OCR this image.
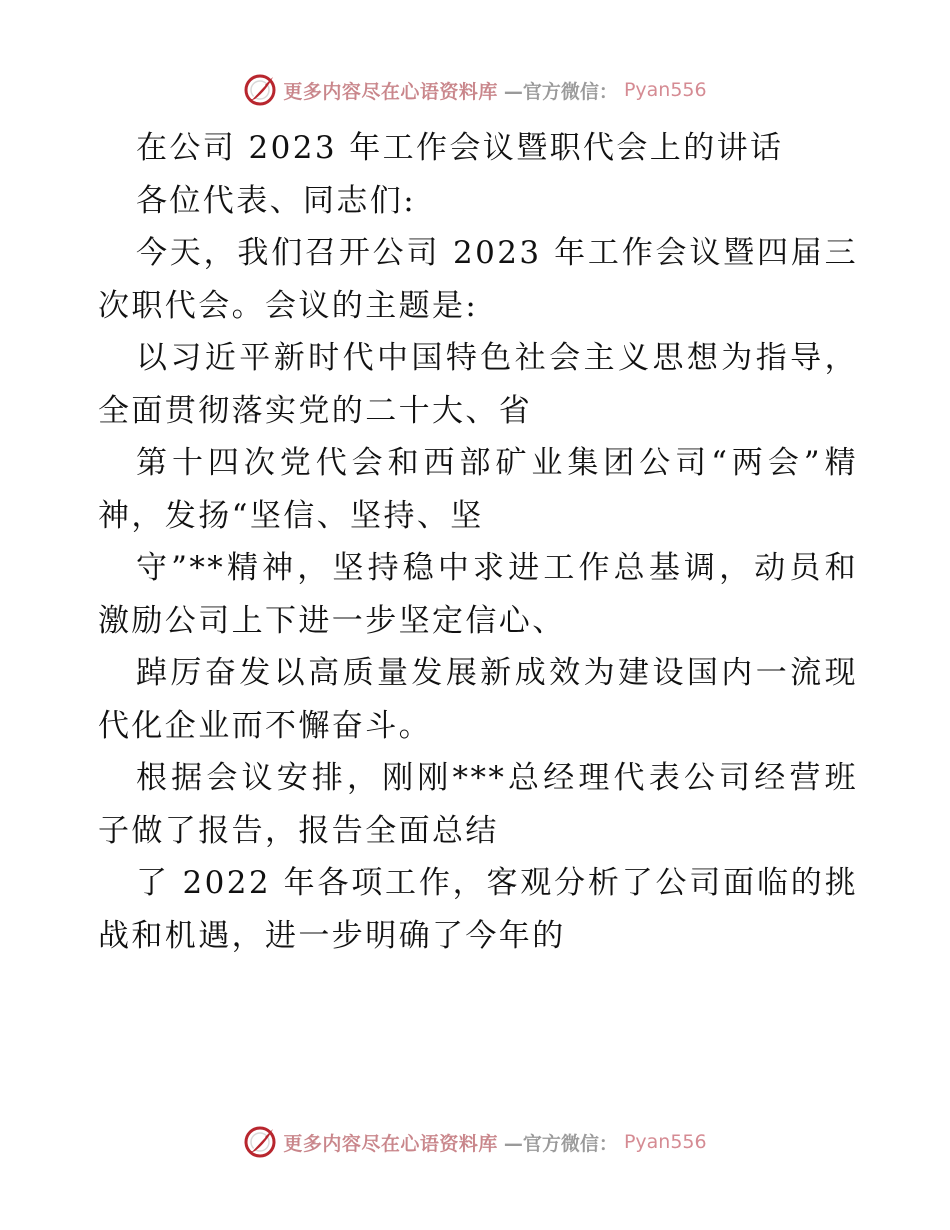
更多内容尽在心语资料库 —官方微信： Pyan556
在公司 2023 年工作会议暨职代会上的讲话
各位代表、同志们:
今天，我们召开公司 2023 年工作会议暨四届三
次职代会。会议的主题是:
以习近平新时代中国特色社会主义思想为指导，
全面贯彻落实党的二十大、省
第十四次党代会和西部矿业集团公司“两会”精
神，发扬“坚信、坚持、坚
守”**精神，坚持稳中求进工作总基调，动员和
激励公司上下进一步坚定信心、
踔厉奋发以高质量发展新成效为建设国内一流现
代化企业而不懈奋斗。
根据会议安排，刚刚***总经理代表公司经营班
子做了报告，报告全面总结
了 2022 年各项工作，客观分析了公司面临的挑
战和机遇，进一步明确了今年的
更多内容尽在心语资料库 —官方微信： Pyan556
